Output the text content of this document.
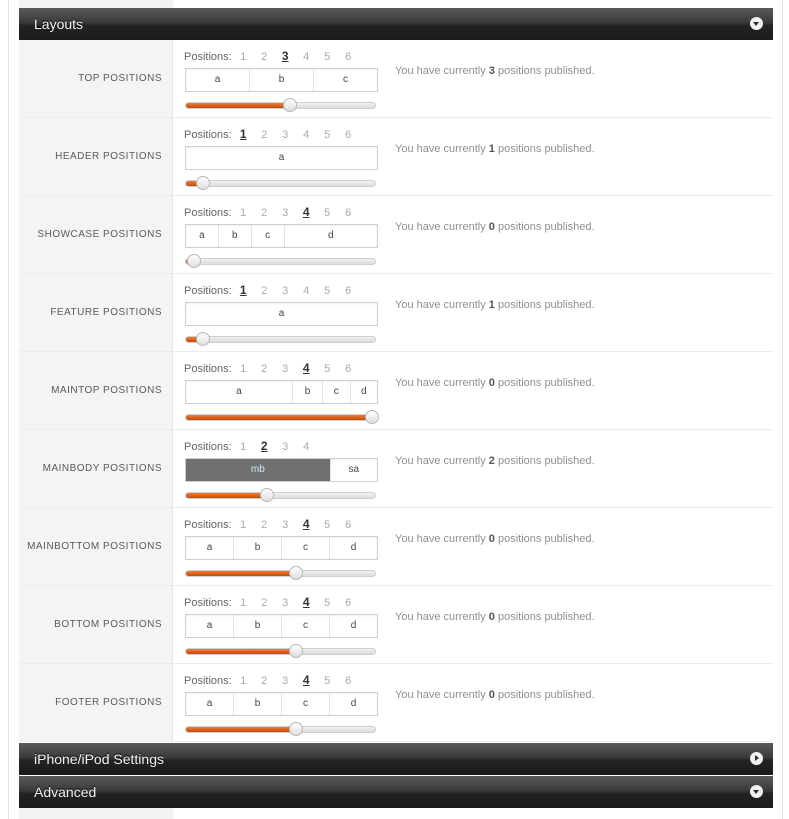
Layouts
TOP POSITIONS
Positions: 1 2 3 4 5 6
a	b	c
You have currently 3 positions published.
HEADER POSITIONS
Positions: 1 2 3 4 5 6
a
You have currently 1 positions published.
SHOWCASE POSITIONS
Positions: 1 2 3 4 5 6
a	b	c	d
You have currently 0 positions published.
FEATURE POSITIONS
Positions: 1 2 3 4 5 6
a
You have currently 1 positions published.
MAINTOP POSITIONS
Positions: 1 2 3 4 5 6
a	b	c	d
You have currently 0 positions published.
MAINBODY POSITIONS
Positions: 1 2 3 4
mb	sa
You have currently 2 positions published.
MAINBOTTOM POSITIONS
Positions: 1 2 3 4 5 6
a	b	c	d
You have currently 0 positions published.
BOTTOM POSITIONS
Positions: 1 2 3 4 5 6
a	b	c	d
You have currently 0 positions published.
FOOTER POSITIONS
Positions: 1 2 3 4 5 6
a	b	c	d
You have currently 0 positions published.
iPhone/iPod Settings
Advanced
